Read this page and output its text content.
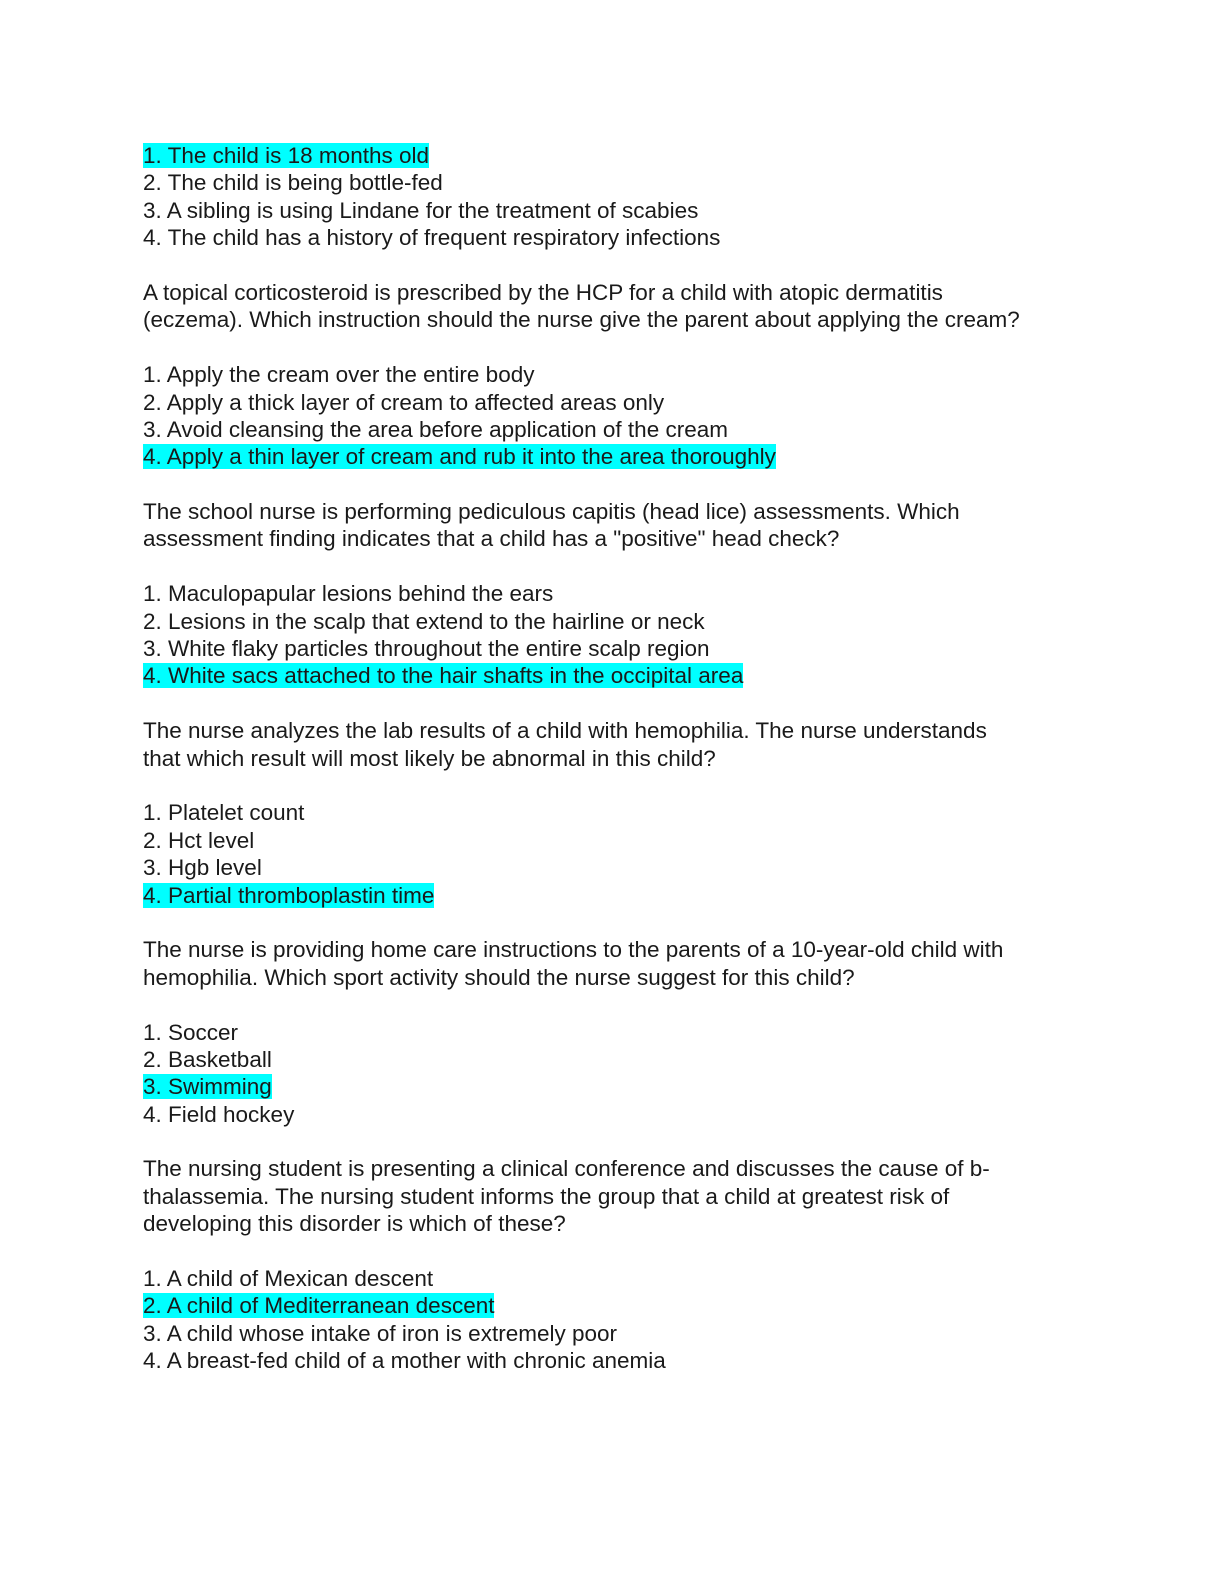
1. The child is 18 months old
2. The child is being bottle-fed
3. A sibling is using Lindane for the treatment of scabies
4. The child has a history of frequent respiratory infections
A topical corticosteroid is prescribed by the HCP for a child with atopic dermatitis
(eczema). Which instruction should the nurse give the parent about applying the cream?
1. Apply the cream over the entire body
2. Apply a thick layer of cream to affected areas only
3. Avoid cleansing the area before application of the cream
4. Apply a thin layer of cream and rub it into the area thoroughly
The school nurse is performing pediculous capitis (head lice) assessments. Which
assessment finding indicates that a child has a "positive" head check?
1. Maculopapular lesions behind the ears
2. Lesions in the scalp that extend to the hairline or neck
3. White flaky particles throughout the entire scalp region
4. White sacs attached to the hair shafts in the occipital area
The nurse analyzes the lab results of a child with hemophilia. The nurse understands
that which result will most likely be abnormal in this child?
1. Platelet count
2. Hct level
3. Hgb level
4. Partial thromboplastin time
The nurse is providing home care instructions to the parents of a 10-year-old child with
hemophilia. Which sport activity should the nurse suggest for this child?
1. Soccer
2. Basketball
3. Swimming
4. Field hockey
The nursing student is presenting a clinical conference and discusses the cause of b-
thalassemia. The nursing student informs the group that a child at greatest risk of
developing this disorder is which of these?
1. A child of Mexican descent
2. A child of Mediterranean descent
3. A child whose intake of iron is extremely poor
4. A breast-fed child of a mother with chronic anemia
